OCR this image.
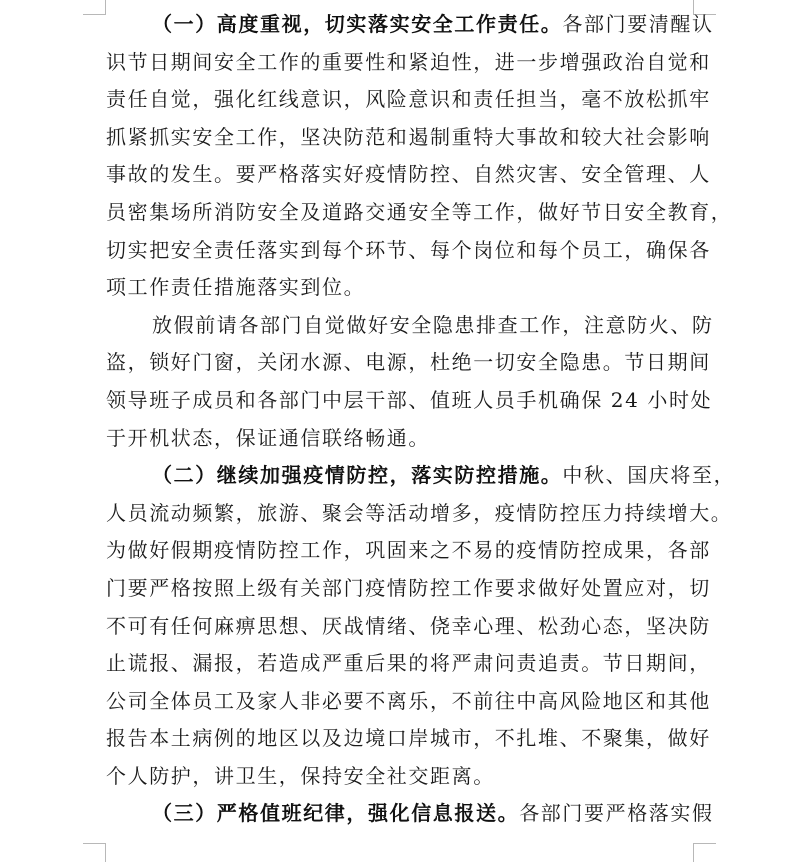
（一）高度重视，切实落实安全工作责任。各部门要清醒认
识节日期间安全工作的重要性和紧迫性，进一步增强政治自觉和
责任自觉，强化红线意识，风险意识和责任担当，毫不放松抓牢
抓紧抓实安全工作，坚决防范和遏制重特大事故和较大社会影响
事故的发生。要严格落实好疫情防控、自然灾害、安全管理、人
员密集场所消防安全及道路交通安全等工作，做好节日安全教育，
切实把安全责任落实到每个环节、每个岗位和每个员工，确保各
项工作责任措施落实到位。
放假前请各部门自觉做好安全隐患排查工作，注意防火、防
盗，锁好门窗，关闭水源、电源，杜绝一切安全隐患。节日期间
领导班子成员和各部门中层干部、值班人员手机确保 24 小时处
于开机状态，保证通信联络畅通。
（二）继续加强疫情防控，落实防控措施。中秋、国庆将至，
人员流动频繁，旅游、聚会等活动增多，疫情防控压力持续增大。
为做好假期疫情防控工作，巩固来之不易的疫情防控成果，各部
门要严格按照上级有关部门疫情防控工作要求做好处置应对，切
不可有任何麻痹思想、厌战情绪、侥幸心理、松劲心态，坚决防
止谎报、漏报，若造成严重后果的将严肃问责追责。节日期间，
公司全体员工及家人非必要不离乐，不前往中高风险地区和其他
报告本土病例的地区以及边境口岸城市，不扎堆、不聚集，做好
个人防护，讲卫生，保持安全社交距离。
（三）严格值班纪律，强化信息报送。各部门要严格落实假
